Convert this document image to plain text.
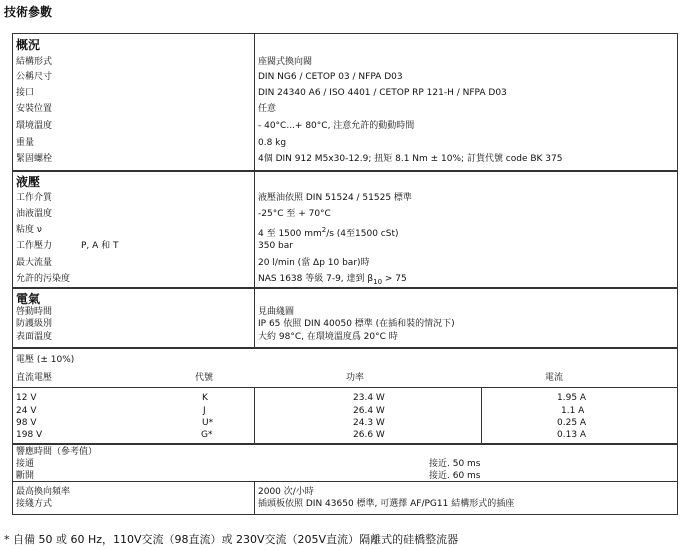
技術參數
概況
結構形式	座閥式換向閥
公稱尺寸	DIN NG6 / CETOP 03 / NFPA D03
接口	DIN 24340 A6 / ISO 4401 / CETOP RP 121-H / NFPA D03
安裝位置	任意
環境溫度	- 40°C...+ 80°C, 注意允許的動動時間
重量	0.8 kg
緊固螺栓	4個 DIN 912 M5x30-12.9; 扭矩 8.1 Nm ± 10%; 訂貨代號 code BK 375
液壓
工作介質	液壓油依照 DIN 51524 / 51525 標準
油液溫度	-25°C 至 + 70°C
粘度 ν	4 至 1500 $mm^2/s$ (4至1500 cSt)
工作壓力	P, A 和 T	350 bar
最大流量	20 l/min (當 Δp 10 bar)時
允許的污染度	NAS 1638 等級 7-9, 達到 $\beta_{10} > 75$
電氣
啓動時間	見曲綫圖
防護級別	IP 65 依照 DIN 40050 標準 (在插和裝的情況下)
表面溫度	大約 98°C, 在環境溫度爲 20°C 時
電壓 (± 10%)
直流電壓	代號	功率	電流
12 V	K	23.4 W	1.95 A
24 V	J	26.4 W	1.1 A
98 V	U*	24.3 W	0.25 A
198 V	G*	26.6 W	0.13 A
響應時間（參考值）
接通	接近. 50 ms
斷開	接近. 60 ms
最高換向頻率	2000 次/小時
接綫方式	插頭板依照 DIN 43650 標準, 可選擇 AF/PG11 結構形式的插座
* 自備 50 或 60 Hz，110V交流（98直流）或 230V交流（205V直流）隔離式的硅橋整流器
